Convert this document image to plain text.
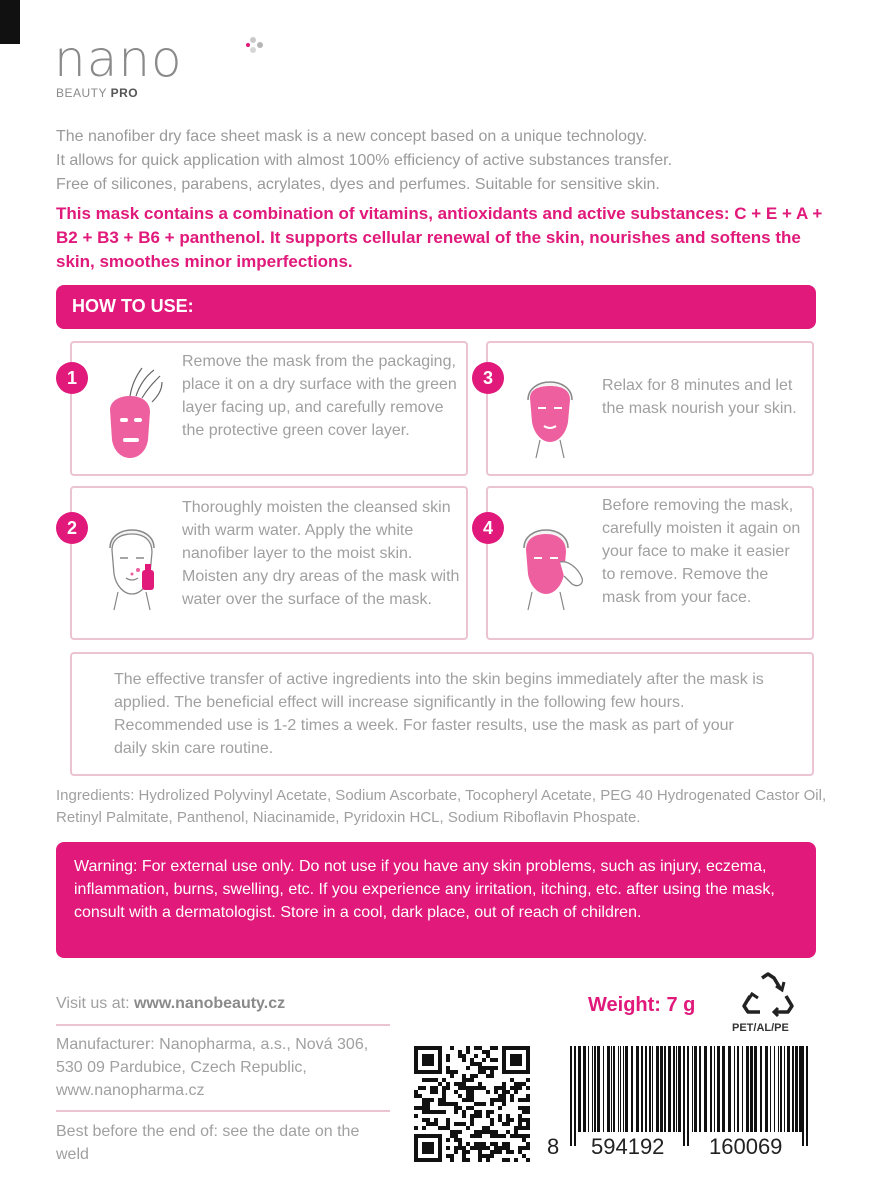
nano
BEAUTY PRO

The nanofiber dry face sheet mask is a new concept based on a unique technology.

It allows for quick application with almost 100% efficiency of active substances transfer.

Free of silicones, parabens, acrylates, dyes and perfumes. Suitable for sensitive skin.

This mask contains a combination of vitamins, antioxidants and active substances: C + E + A + B2 + B3 + B6 + panthenol. It supports cellular renewal of the skin, nourishes and softens the skin, smoothes minor imperfections.
HOW TO USE:
1
Remove the mask from the packaging, place it on a dry surface with the green layer facing up, and carefully remove the protective green cover layer.
3	Relax for 8 minutes and let the mask nourish your skin.
2
Thoroughly moisten the cleansed skin with warm water. Apply the white nanofiber layer to the moist skin. Moisten any dry areas of the mask with water over the surface of the mask.
4
Before removing the mask, carefully moisten it again on your face to make it easier to remove. Remove the mask from your face.
The effective transfer of active ingredients into the skin begins immediately after the mask is applied. The beneficial effect will increase significantly in the following few hours. Recommended use is 1-2 times a week. For faster results, use the mask as part of your daily skin care routine.
Ingredients: Hydrolized Polyvinyl Acetate, Sodium Ascorbate, Tocopheryl Acetate, PEG 40 Hydrogenated Castor Oil, Retinyl Palmitate, Panthenol, Niacinamide, Pyridoxin HCL, Sodium Riboflavin Phospate.
Warning: For external use only. Do not use if you have any skin problems, such as injury, eczema, inflammation, burns, swelling, etc. If you experience any irritation, itching, etc. after using the mask, consult with a dermatologist. Store in a cool, dark place, out of reach of children.
Visit us at: www.nanobeauty.cz
Manufacturer: Nanopharma, a.s., Nová 306, 530 09 Pardubice, Czech Republic, www.nanopharma.cz
Best before the end of: see the date on the weld
Weight: 7 g
PET/AL/PE
8 594192 160069
